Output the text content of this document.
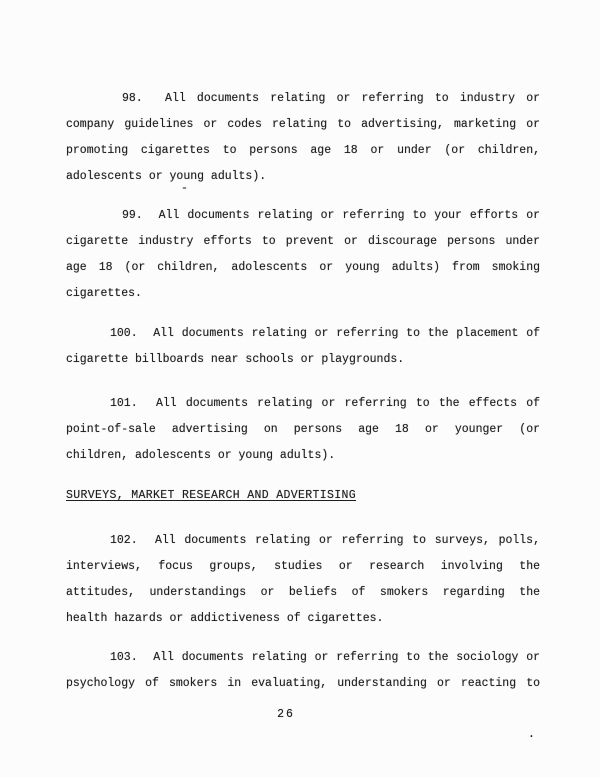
98.  All documents relating or referring to industry or
company guidelines or codes relating to advertising, marketing or
promoting cigarettes to persons age 18 or under (or children,
adolescents or young adults).
-
99.  All documents relating or referring to your efforts or
cigarette industry efforts to prevent or discourage persons under
age 18 (or children, adolescents or young adults) from smoking
cigarettes.
100.  All documents relating or referring to the placement of
cigarette billboards near schools or playgrounds.
101.  All documents relating or referring to the effects of
point-of-sale advertising on persons age 18 or younger (or
children, adolescents or young adults).
SURVEYS, MARKET RESEARCH AND ADVERTISING
102.  All documents relating or referring to surveys, polls,
interviews, focus groups, studies or research involving the
attitudes, understandings or beliefs of smokers regarding the
health hazards or addictiveness of cigarettes.
103.  All documents relating or referring to the sociology or
psychology of smokers in evaluating, understanding or reacting to
26
.
